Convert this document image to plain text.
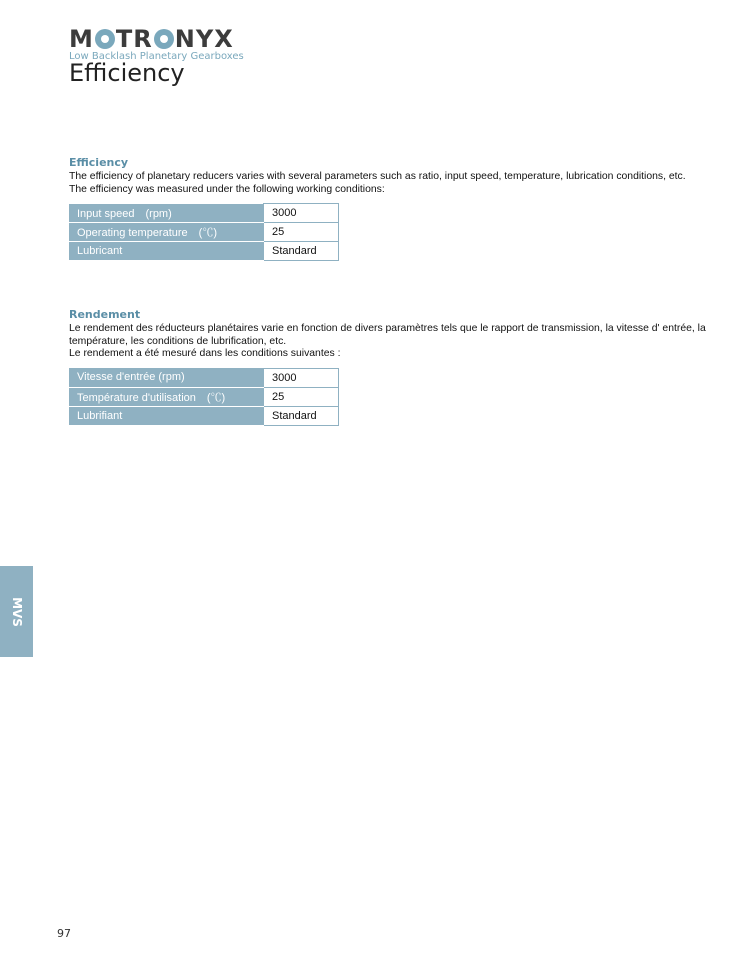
M TR NYX
Low Backlash Planetary Gearboxes
Efficiency
Efficiency

The efficiency of planetary reducers varies with several parameters such as ratio, input speed, temperature, lubrication conditions, etc.

The efficiency was measured under the following working conditions:

Input speed　(rpm)	3000
Operating temperature　(℃)	25
Lubricant	Standard
Rendement

Le rendement des réducteurs planétaires varie en fonction de divers paramètres tels que le rapport de transmission, la vitesse d' entrée, la température, les conditions de lubrification, etc.

Le rendement a été mesuré dans les conditions suivantes :

Vitesse d'entrée (rpm)	3000
Température d'utilisation　(℃)	25
Lubrifiant	Standard
MVS
97
